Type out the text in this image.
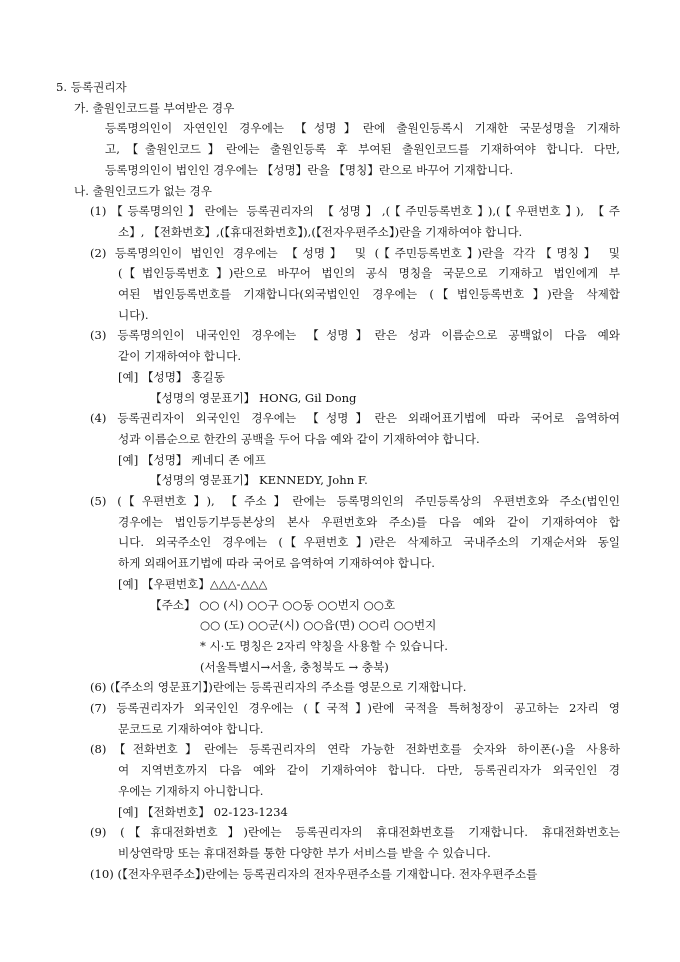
5. 등록권리자
가. 출원인코드를 부여받은 경우
등록명의인이 자연인인 경우에는 【성명】란에 출원인등록시 기재한 국문성명을 기재하
고,【출원인코드】란에는 출원인등록 후 부여된 출원인코드를 기재하여야 합니다. 다만,
등록명의인이 법인인 경우에는 【성명】란을 【명칭】란으로 바꾸어 기재합니다.
나. 출원인코드가 없는 경우
(1)【등록명의인】란에는 등록권리자의 【성명】,(【주민등록번호】),(【우편번호】), 【주
소】, 【전화번호】,(【휴대전화번호】),(【전자우편주소】)란을 기재하여야 합니다.
(2) 등록명의인이 법인인 경우에는 【성명】 및 (【주민등록번호】)란을 각각【명칭】 및
(【법인등록번호】)란으로 바꾸어 법인의 공식 명칭을 국문으로 기재하고 법인에게 부
여된 법인등록번호를 기재합니다(외국법인인 경우에는 (【법인등록번호】)란을 삭제합
니다).
(3) 등록명의인이 내국인인 경우에는 【성명】란은 성과 이름순으로 공백없이 다음 예와
같이 기재하여야 합니다.
[예] 【성명】 홍길동
【성명의 영문표기】 HONG, Gil Dong
(4) 등록권리자이 외국인인 경우에는 【성명】란은 외래어표기법에 따라 국어로 음역하여
성과 이름순으로 한칸의 공백을 두어 다음 예와 같이 기재하여야 합니다.
[예] 【성명】 케네디 존 에프
【성명의 영문표기】 KENNEDY, John F.
(5) (【우편번호】), 【주소】란에는 등록명의인의 주민등록상의 우편번호와 주소(법인인
경우에는 법인등기부등본상의 본사 우편번호와 주소)를 다음 예와 같이 기재하여야 합
니다. 외국주소인 경우에는 (【우편번호】)란은 삭제하고 국내주소의 기재순서와 동일
하게 외래어표기법에 따라 국어로 음역하여 기재하여야 합니다.
[예] 【우편번호】△△△-△△△
【주소】 ○○ (시) ○○구 ○○동 ○○번지 ○○호
○○ (도) ○○군(시) ○○읍(면) ○○리 ○○번지
* 시·도 명칭은 2자리 약칭을 사용할 수 있습니다.
(서울특별시→서울, 충청북도 → 충북)
(6) (【주소의 영문표기】)란에는 등록권리자의 주소를 영문으로 기재합니다.
(7) 등록권리자가 외국인인 경우에는 (【국적】)란에 국적을 특허청장이 공고하는 2자리 영
문코드로 기재하여야 합니다.
(8)【전화번호】란에는 등록권리자의 연락 가능한 전화번호를 숫자와 하이폰(-)을 사용하
여 지역번호까지 다음 예와 같이 기재하여야 합니다. 다만, 등록권리자가 외국인인 경
우에는 기재하지 아니합니다.
[예] 【전화번호】 02-123-1234
(9) (【휴대전화번호】)란에는 등록권리자의 휴대전화번호를 기재합니다. 휴대전화번호는
비상연락망 또는 휴대전화를 통한 다양한 부가 서비스를 받을 수 있습니다.
(10) (【전자우편주소】)란에는 등록권리자의 전자우편주소를 기재합니다. 전자우편주소를
